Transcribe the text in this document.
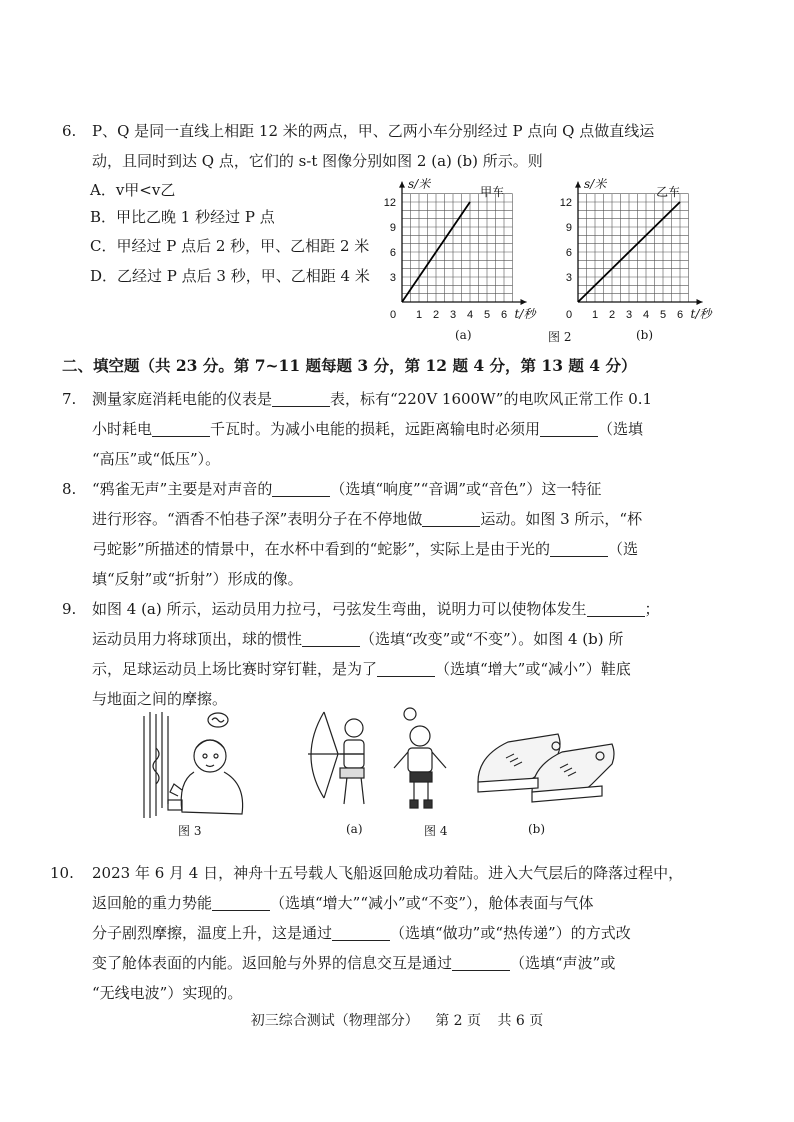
6.	P、Q 是同一直线上相距 12 米的两点，甲、乙两小车分别经过 P 点向 Q 点做直线运
动，且同时到达 Q 点，它们的 s-t 图像分别如图 2 (a) (b) 所示。则
A．v甲<v乙
B．甲比乙晚 1 秒经过 P 点
C．甲经过 P 点后 2 秒，甲、乙相距 2 米
D．乙经过 P 点后 3 秒，甲、乙相距 4 米
0 1 2 3 4 5 6
3
6
9
12
s/米
t/秒
甲车
0 1 2 3 4 5 6
3
6
9
12
s/米
t/秒
乙车
(a)	图 2	(b)
二、填空题（共 23 分。第 7~11 题每题 3 分，第 12 题 4 分，第 13 题 4 分）
7.	测量家庭消耗电能的仪表是	表，标有“220V 1600W”的电吹风正常工作 0.1
小时耗电	千瓦时。为减小电能的损耗，远距离输电时必须用	（选填
“高压”或“低压”）。
8.	“鸦雀无声”主要是对声音的	（选填“响度”“音调”或“音色”）这一特征
进行形容。“酒香不怕巷子深”表明分子在不停地做	运动。如图 3 所示，“杯
弓蛇影”所描述的情景中，在水杯中看到的“蛇影”，实际上是由于光的	（选
填“反射”或“折射”）形成的像。
9.	如图 4 (a) 所示，运动员用力拉弓，弓弦发生弯曲，说明力可以使物体发生	；
运动员用力将球顶出，球的惯性	（选填“改变”或“不变”）。如图 4 (b) 所
示，足球运动员上场比赛时穿钉鞋，是为了	（选填“增大”或“减小”）鞋底
与地面之间的摩擦。
图 3	(a)	图 4	(b)
10. 2023 年 6 月 4 日，神舟十五号载人飞船返回舱成功着陆。进入大气层后的降落过程中，
返回舱的重力势能	（选填“增大”“减小”或“不变”），舱体表面与气体
分子剧烈摩擦，温度上升，这是通过	（选填“做功”或“热传递”）的方式改
变了舱体表面的内能。返回舱与外界的信息交互是通过	（选填“声波”或
“无线电波”）实现的。
初三综合测试（物理部分） 第 2 页 共 6 页
